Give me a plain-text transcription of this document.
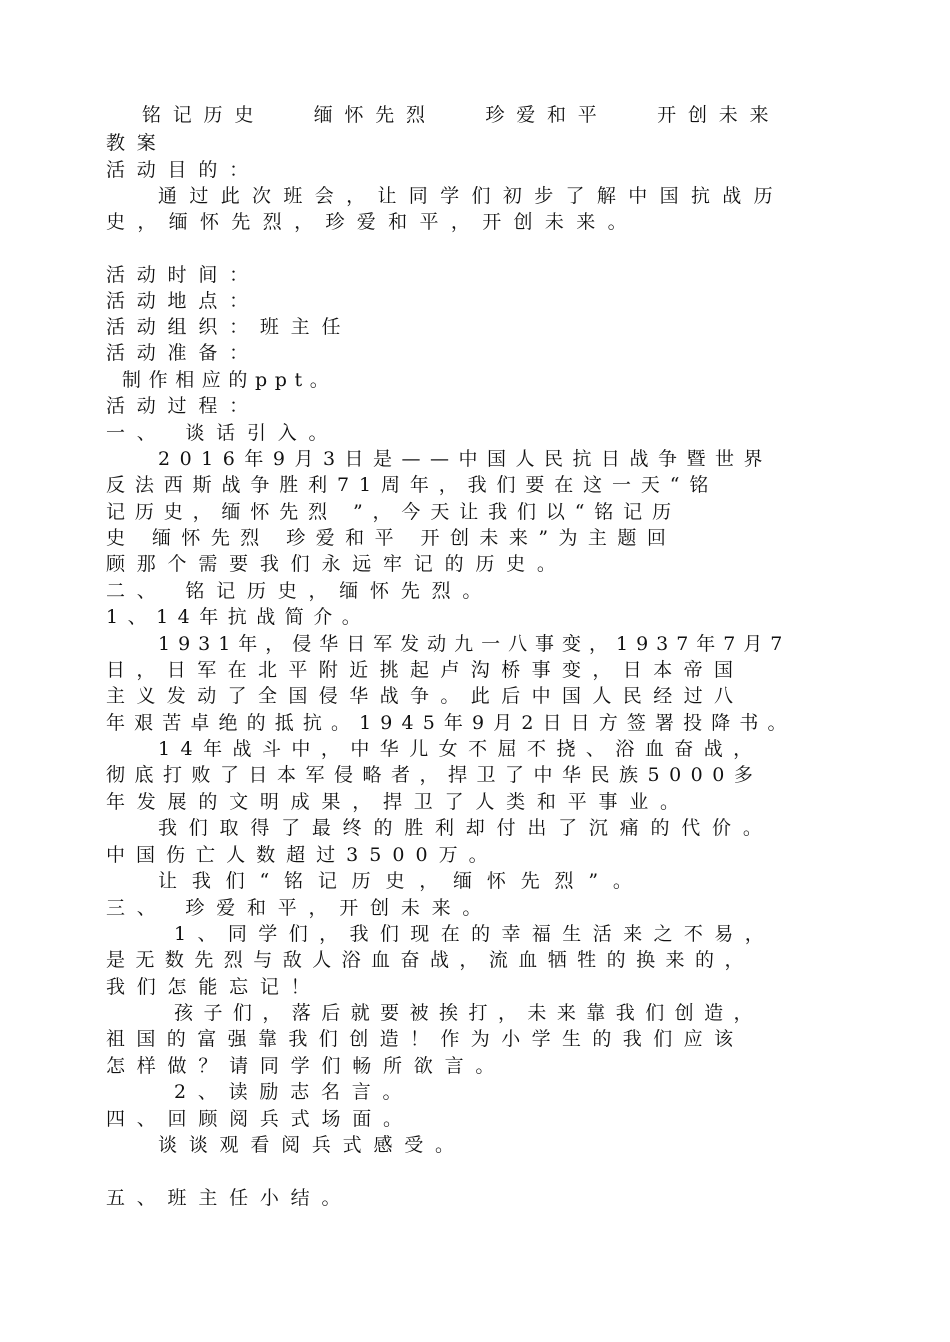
铭记历史　 缅怀先烈　 珍爱和平　 开创未来
教案
活动目的：
通过此次班会，让同学们初步了解中国抗战历
史，缅怀先烈，珍爱和平，开创未来。
活动时间：
活动地点：
活动组织：班主任
活动准备：
制作相应的ppt。
活动过程：
一、 谈话引入。
2016年9月3日是——中国人民抗日战争暨世界
反法西斯战争胜利71周年，我们要在这一天“铭
记历史，缅怀先烈 ”，今天让我们以“铭记历
史 缅怀先烈 珍爱和平 开创未来”为主题回
顾那个需要我们永远牢记的历史。
二、 铭记历史，缅怀先烈。
1、14年抗战简介。
1931年，侵华日军发动九一八事变，1937年7月7
日，日军在北平附近挑起卢沟桥事变，日本帝国
主义发动了全国侵华战争。此后中国人民经过八
年艰苦卓绝的抵抗。1945年9月2日日方签署投降书。
14年战斗中，中华儿女不屈不挠、浴血奋战，
彻底打败了日本军侵略者，捍卫了中华民族5000多
年发展的文明成果，捍卫了人类和平事业。
我们取得了最终的胜利却付出了沉痛的代价。
中国伤亡人数超过3500万。
让我们“铭记历史，缅怀先烈”。
三、 珍爱和平，开创未来。
1、同学们，我们现在的幸福生活来之不易，
是无数先烈与敌人浴血奋战，流血牺牲的换来的，
我们怎能忘记！
孩子们，落后就要被挨打，未来靠我们创造，
祖国的富强靠我们创造！作为小学生的我们应该
怎样做？请同学们畅所欲言。
2、读励志名言。
四、回顾阅兵式场面。
谈谈观看阅兵式感受。
五、班主任小结。
